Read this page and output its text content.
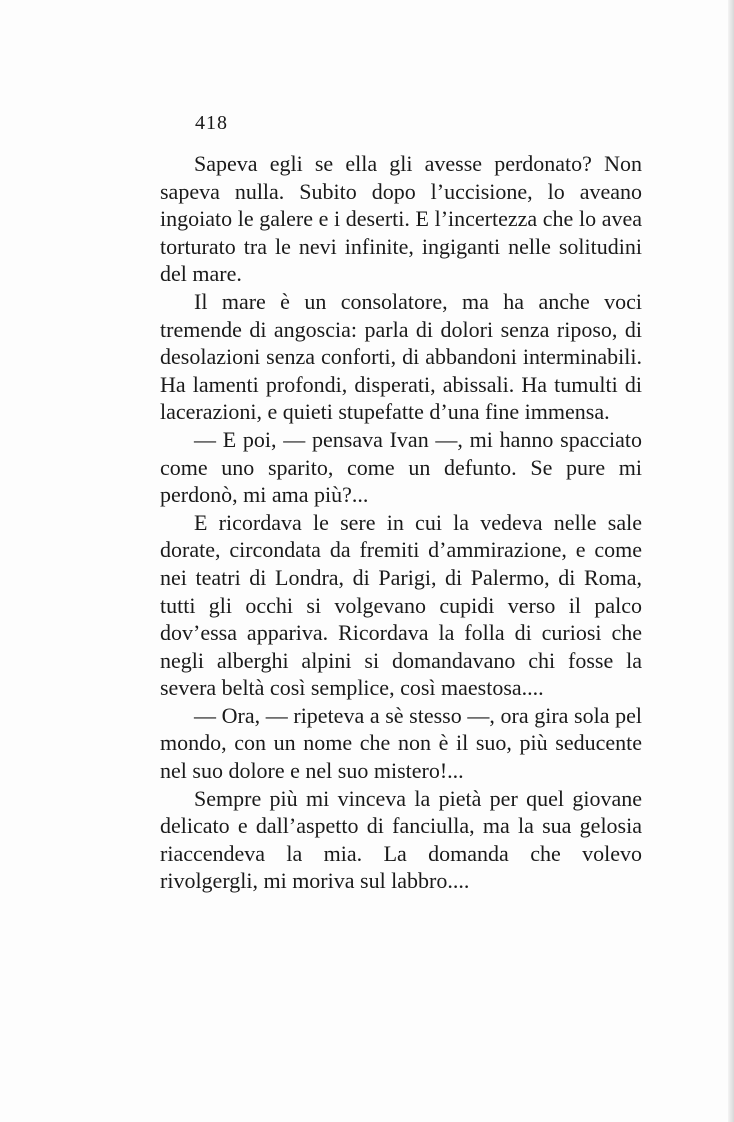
418

Sapeva egli se ella gli avesse perdonato? Non sapeva nulla. Subito dopo l’uccisione, lo aveano ingoiato le galere e i deserti. E l’incertezza che lo avea torturato tra le nevi infinite, ingiganti nelle solitudini del mare.

Il mare è un consolatore, ma ha anche voci tremende di angoscia: parla di dolori senza riposo, di desolazioni senza conforti, di abbandoni interminabili. Ha lamenti profondi, disperati, abissali. Ha tumulti di lacerazioni, e quieti stupefatte d’una fine immensa.

— E poi, — pensava Ivan —, mi hanno spacciato come uno sparito, come un defunto. Se pure mi perdonò, mi ama più?...

E ricordava le sere in cui la vedeva nelle sale dorate, circondata da fremiti d’ammirazione, e come nei teatri di Londra, di Parigi, di Palermo, di Roma, tutti gli occhi si volgevano cupidi verso il palco dov’essa appariva. Ricordava la folla di curiosi che negli alberghi alpini si domandavano chi fosse la severa beltà così semplice, così maestosa....

— Ora, — ripeteva a sè stesso —, ora gira sola pel mondo, con un nome che non è il suo, più seducente nel suo dolore e nel suo mistero!...

Sempre più mi vinceva la pietà per quel giovane delicato e dall’aspetto di fanciulla, ma la sua gelosia riaccendeva la mia. La domanda che volevo rivolgergli, mi moriva sul labbro....
